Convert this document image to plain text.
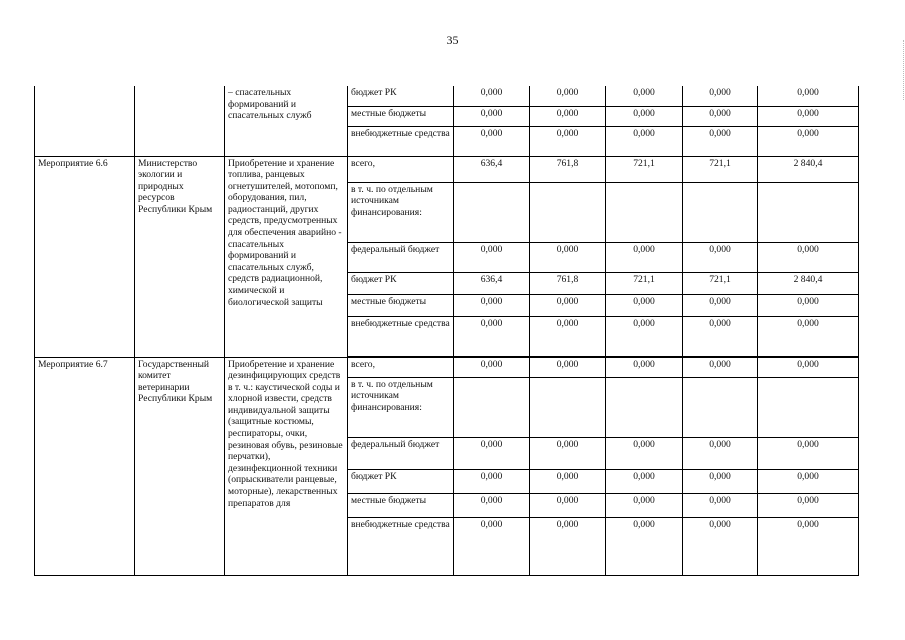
35
		– спасательных формирований и спасательных служб	бюджет РК	0,000	0,000	0,000	0,000	0,000
			местные бюджеты	0,000	0,000	0,000	0,000	0,000
			внебюджетные средства	0,000	0,000	0,000	0,000	0,000
Мероприятие 6.6	Министерство экологии и природных ресурсов Республики Крым	Приобретение и хранение топлива, ранцевых огнетушителей, мотопомп, оборудования, пил, радиостанций, других средств, предусмотренных для обеспечения аварийно - спасательных формирований и спасательных служб, средств радиационной, химической и биологической защиты	всего,	636,4	761,8	721,1	721,1	2 840,4
			в т. ч. по отдельным источникам финансирования:					
			федеральный бюджет	0,000	0,000	0,000	0,000	0,000
			бюджет РК	636,4	761,8	721,1	721,1	2 840,4
			местные бюджеты	0,000	0,000	0,000	0,000	0,000
			внебюджетные средства	0,000	0,000	0,000	0,000	0,000

Мероприятие 6.7	Государственный комитет ветеринарии Республики Крым	Приобретение и хранение дезинфицирующих средств в т. ч.: каустической соды и хлорной извести, средств индивидуальной защиты (защитные костюмы, респираторы, очки, резиновая обувь, резиновые перчатки), дезинфекционной техники (опрыскиватели ранцевые, моторные), лекарственных препаратов для	всего,	0,000	0,000	0,000	0,000	0,000
			в т. ч. по отдельным источникам финансирования:					
			федеральный бюджет	0,000	0,000	0,000	0,000	0,000
			бюджет РК	0,000	0,000	0,000	0,000	0,000
			местные бюджеты	0,000	0,000	0,000	0,000	0,000
			внебюджетные средства	0,000	0,000	0,000	0,000	0,000
